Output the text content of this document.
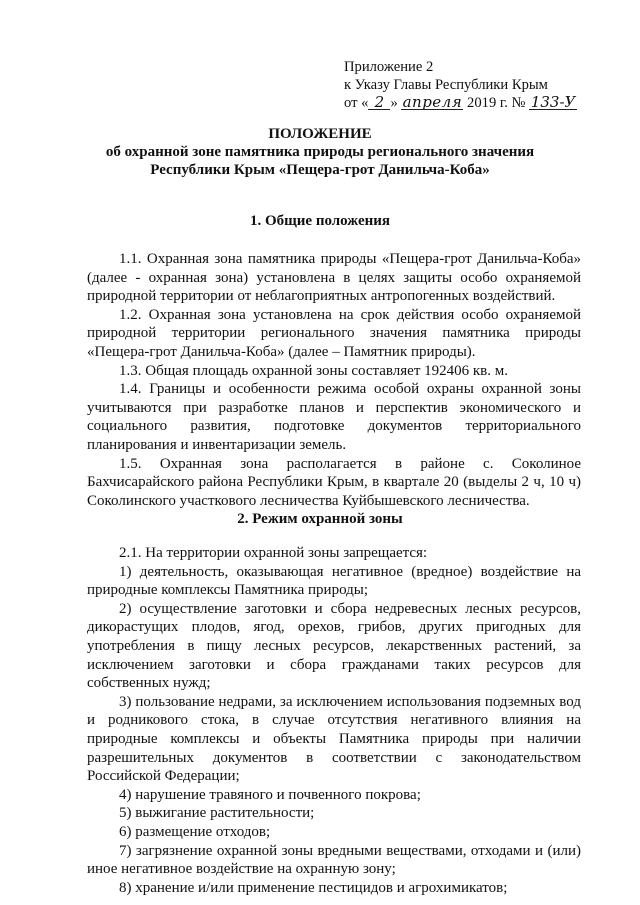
Приложение 2
к Указу Главы Республики Крым
от « 2 » апреля 2019 г. № 133-У
ПОЛОЖЕНИЕ
об охранной зоне памятника природы регионального значения
Республики Крым «Пещера-грот Данильча-Коба»
1. Общие положения

1.1. Охранная зона памятника природы «Пещера-грот Данильча-Коба» (далее - охранная зона) установлена в целях защиты особо охраняемой природной территории от неблагоприятных антропогенных воздействий.

1.2. Охранная зона установлена на срок действия особо охраняемой природной территории регионального значения памятника природы «Пещера-грот Данильча-Коба» (далее – Памятник природы).

1.3. Общая площадь охранной зоны составляет 192406 кв. м.

1.4. Границы и особенности режима особой охраны охранной зоны учитываются при разработке планов и перспектив экономического и социального развития, подготовке документов территориального планирования и инвентаризации земель.

1.5. Охранная зона располагается в районе с. Соколиное Бахчисарайского района Республики Крым, в квартале 20 (выделы 2 ч, 10 ч) Соколинского участкового лесничества Куйбышевского лесничества.

2. Режим охранной зоны

2.1. На территории охранной зоны запрещается:

1) деятельность, оказывающая негативное (вредное) воздействие на природные комплексы Памятника природы;

2) осуществление заготовки и сбора недревесных лесных ресурсов, дикорастущих плодов, ягод, орехов, грибов, других пригодных для употребления в пищу лесных ресурсов, лекарственных растений, за исключением заготовки и сбора гражданами таких ресурсов для собственных нужд;

3) пользование недрами, за исключением использования подземных вод и родникового стока, в случае отсутствия негативного влияния на природные комплексы и объекты Памятника природы при наличии разрешительных документов в соответствии с законодательством Российской Федерации;

4) нарушение травяного и почвенного покрова;

5) выжигание растительности;

6) размещение отходов;

7) загрязнение охранной зоны вредными веществами, отходами и (или) иное негативное воздействие на охранную зону;

8) хранение и/или применение пестицидов и агрохимикатов;
